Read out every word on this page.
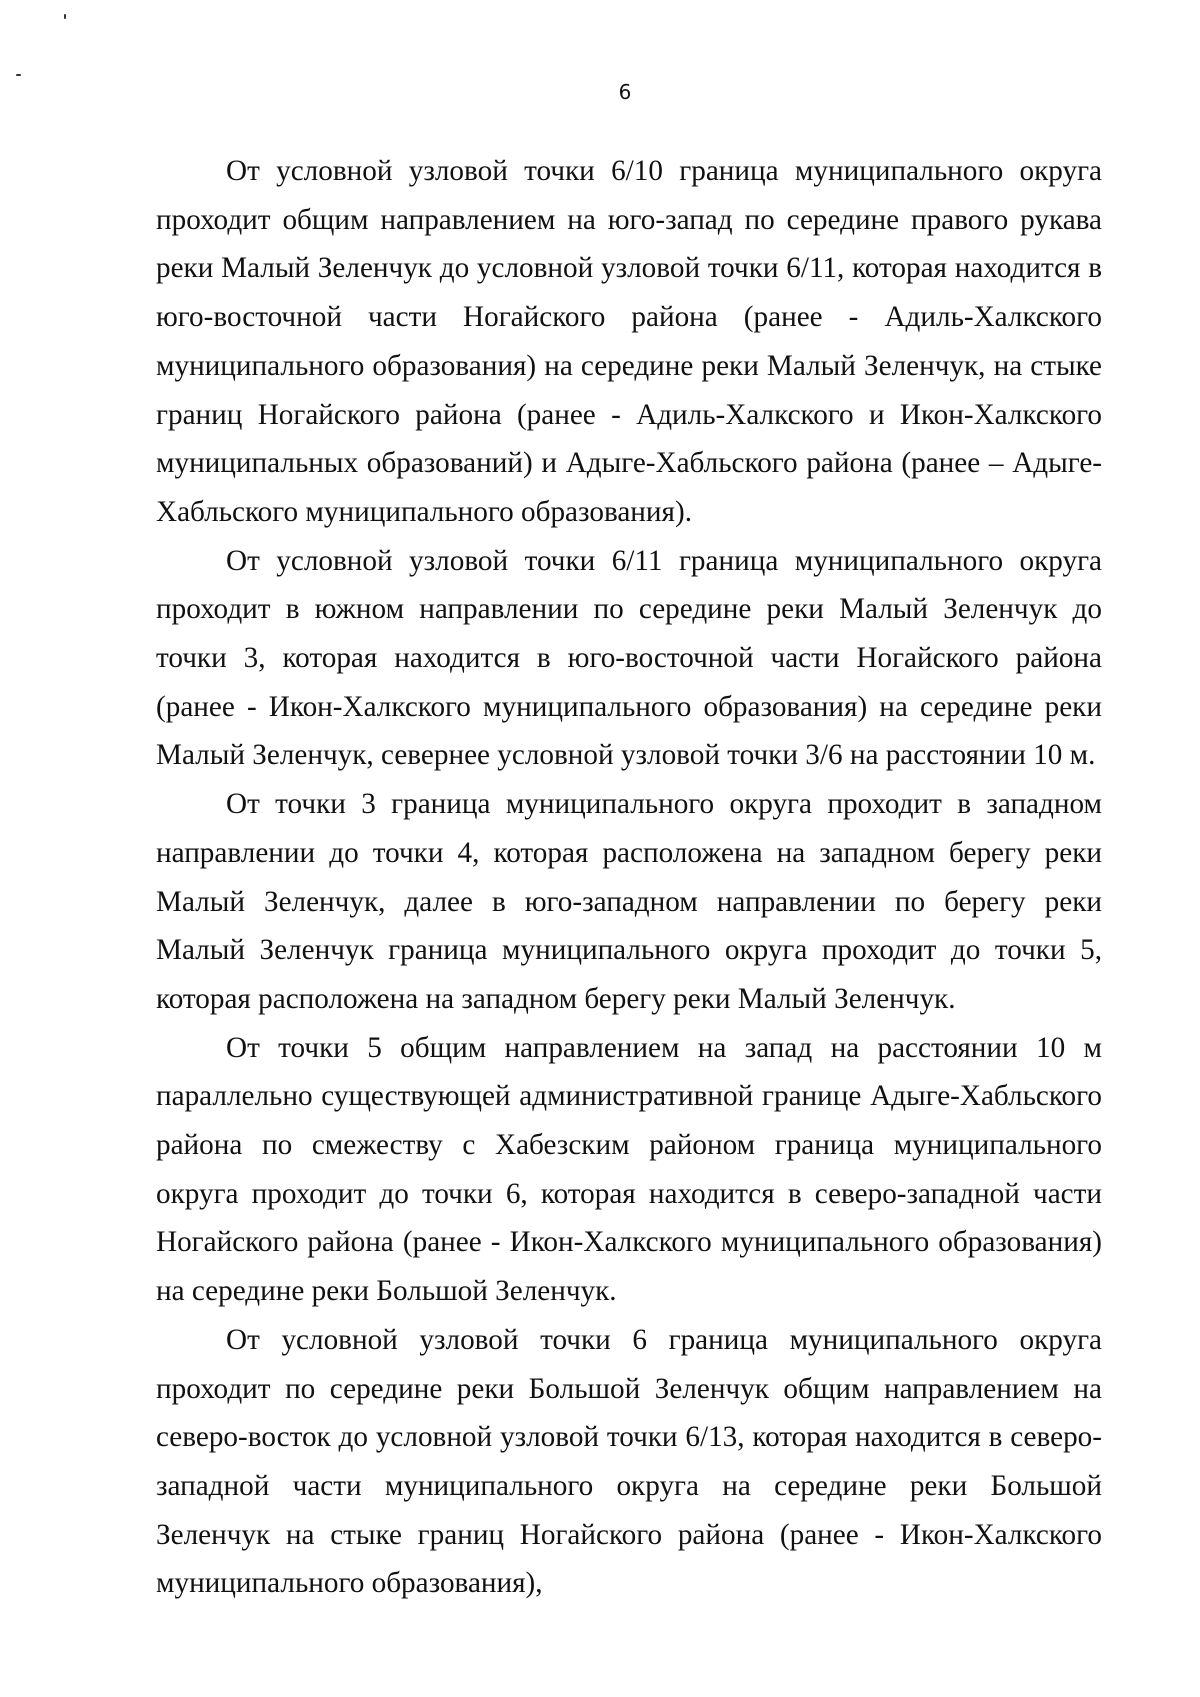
6

От условной узловой точки 6/10 граница муниципального округа проходит общим направлением на юго-запад по середине правого рукава реки Малый Зеленчук до условной узловой точки 6/11, которая находится в юго-восточной части Ногайского района (ранее - Адиль-Халкского муниципального образования) на середине реки Малый Зеленчук, на стыке границ Ногайского района (ранее - Адиль-Халкского и Икон-Халкского муниципальных образований) и Адыге-Хабльского района (ранее – Адыге-Хабльского муниципального образования).

От условной узловой точки 6/11 граница муниципального округа проходит в южном направлении по середине реки Малый Зеленчук до точки 3, которая находится в юго-восточной части Ногайского района (ранее - Икон-Халкского муниципального образования) на середине реки Малый Зеленчук, севернее условной узловой точки 3/6 на расстоянии 10 м.

От точки 3 граница муниципального округа проходит в западном направлении до точки 4, которая расположена на западном берегу реки Малый Зеленчук, далее в юго-западном направлении по берегу реки Малый Зеленчук граница муниципального округа проходит до точки 5, которая расположена на западном берегу реки Малый Зеленчук.

От точки 5 общим направлением на запад на расстоянии 10 м параллельно существующей административной границе Адыге-Хабльского района по смежеству с Хабезским районом граница муниципального округа проходит до точки 6, которая находится в северо-западной части Ногайского района (ранее - Икон-Халкского муниципального образования) на середине реки Большой Зеленчук.

От условной узловой точки 6 граница муниципального округа проходит по середине реки Большой Зеленчук общим направлением на северо-восток до условной узловой точки 6/13, которая находится в северо-западной части муниципального округа на середине реки Большой Зеленчук на стыке границ Ногайского района (ранее - Икон-Халкского муниципального образования),
